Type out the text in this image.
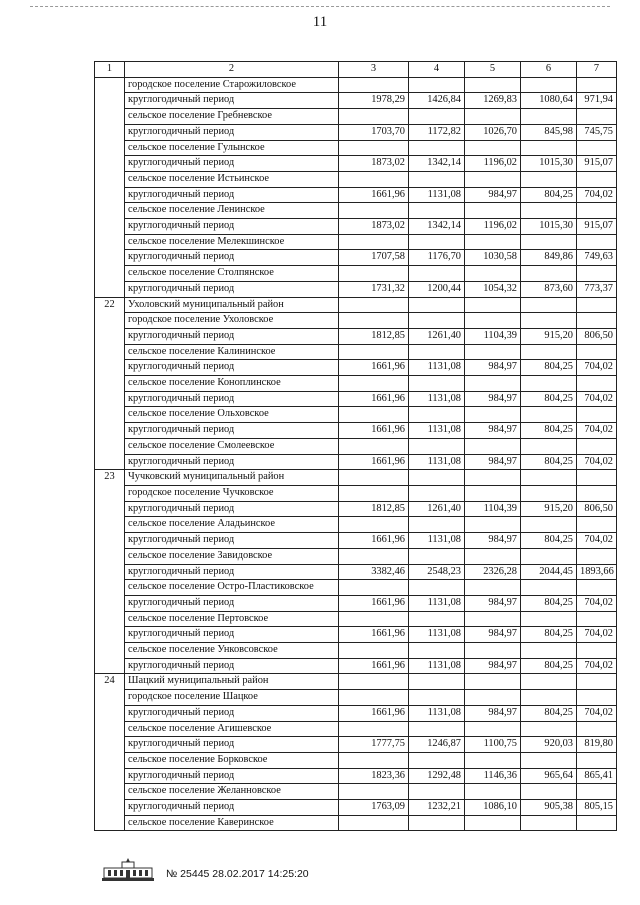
11
1	2	3	4	5	6	7
	городское поселение Старожиловское					
	круглогодичный период	1978,29	1426,84	1269,83	1080,64	971,94
	сельское поселение Гребневское					
	круглогодичный период	1703,70	1172,82	1026,70	845,98	745,75
	сельское поселение Гулынское					
	круглогодичный период	1873,02	1342,14	1196,02	1015,30	915,07
	сельское поселение Истьинское					
	круглогодичный период	1661,96	1131,08	984,97	804,25	704,02
	сельское поселение Ленинское					
	круглогодичный период	1873,02	1342,14	1196,02	1015,30	915,07
	сельское поселение Мелекшинское					
	круглогодичный период	1707,58	1176,70	1030,58	849,86	749,63
	сельское поселение Столпянское					
	круглогодичный период	1731,32	1200,44	1054,32	873,60	773,37
22	Ухоловский муниципальный район					
	городское поселение Ухоловское					
	круглогодичный период	1812,85	1261,40	1104,39	915,20	806,50
	сельское поселение Калининское					
	круглогодичный период	1661,96	1131,08	984,97	804,25	704,02
	сельское поселение Коноплинское					
	круглогодичный период	1661,96	1131,08	984,97	804,25	704,02
	сельское поселение Ольховское					
	круглогодичный период	1661,96	1131,08	984,97	804,25	704,02
	сельское поселение Смолеевское					
	круглогодичный период	1661,96	1131,08	984,97	804,25	704,02
23	Чучковский муниципальный район					
	городское поселение Чучковское					
	круглогодичный период	1812,85	1261,40	1104,39	915,20	806,50
	сельское поселение Аладьинское					
	круглогодичный период	1661,96	1131,08	984,97	804,25	704,02
	сельское поселение Завидовское					
	круглогодичный период	3382,46	2548,23	2326,28	2044,45	1893,66
	сельское поселение Остро-Пластиковское					
	круглогодичный период	1661,96	1131,08	984,97	804,25	704,02
	сельское поселение Пертовское					
	круглогодичный период	1661,96	1131,08	984,97	804,25	704,02
	сельское поселение Унковсовское					
	круглогодичный период	1661,96	1131,08	984,97	804,25	704,02
24	Шацкий муниципальный район					
	городское поселение Шацкое					
	круглогодичный период	1661,96	1131,08	984,97	804,25	704,02
	сельское поселение Агишевское					
	круглогодичный период	1777,75	1246,87	1100,75	920,03	819,80
	сельское поселение Борковское					
	круглогодичный период	1823,36	1292,48	1146,36	965,64	865,41
	сельское поселение Желанновское					
	круглогодичный период	1763,09	1232,21	1086,10	905,38	805,15
	сельское поселение Каверинское					
№ 25445 28.02.2017 14:25:20
